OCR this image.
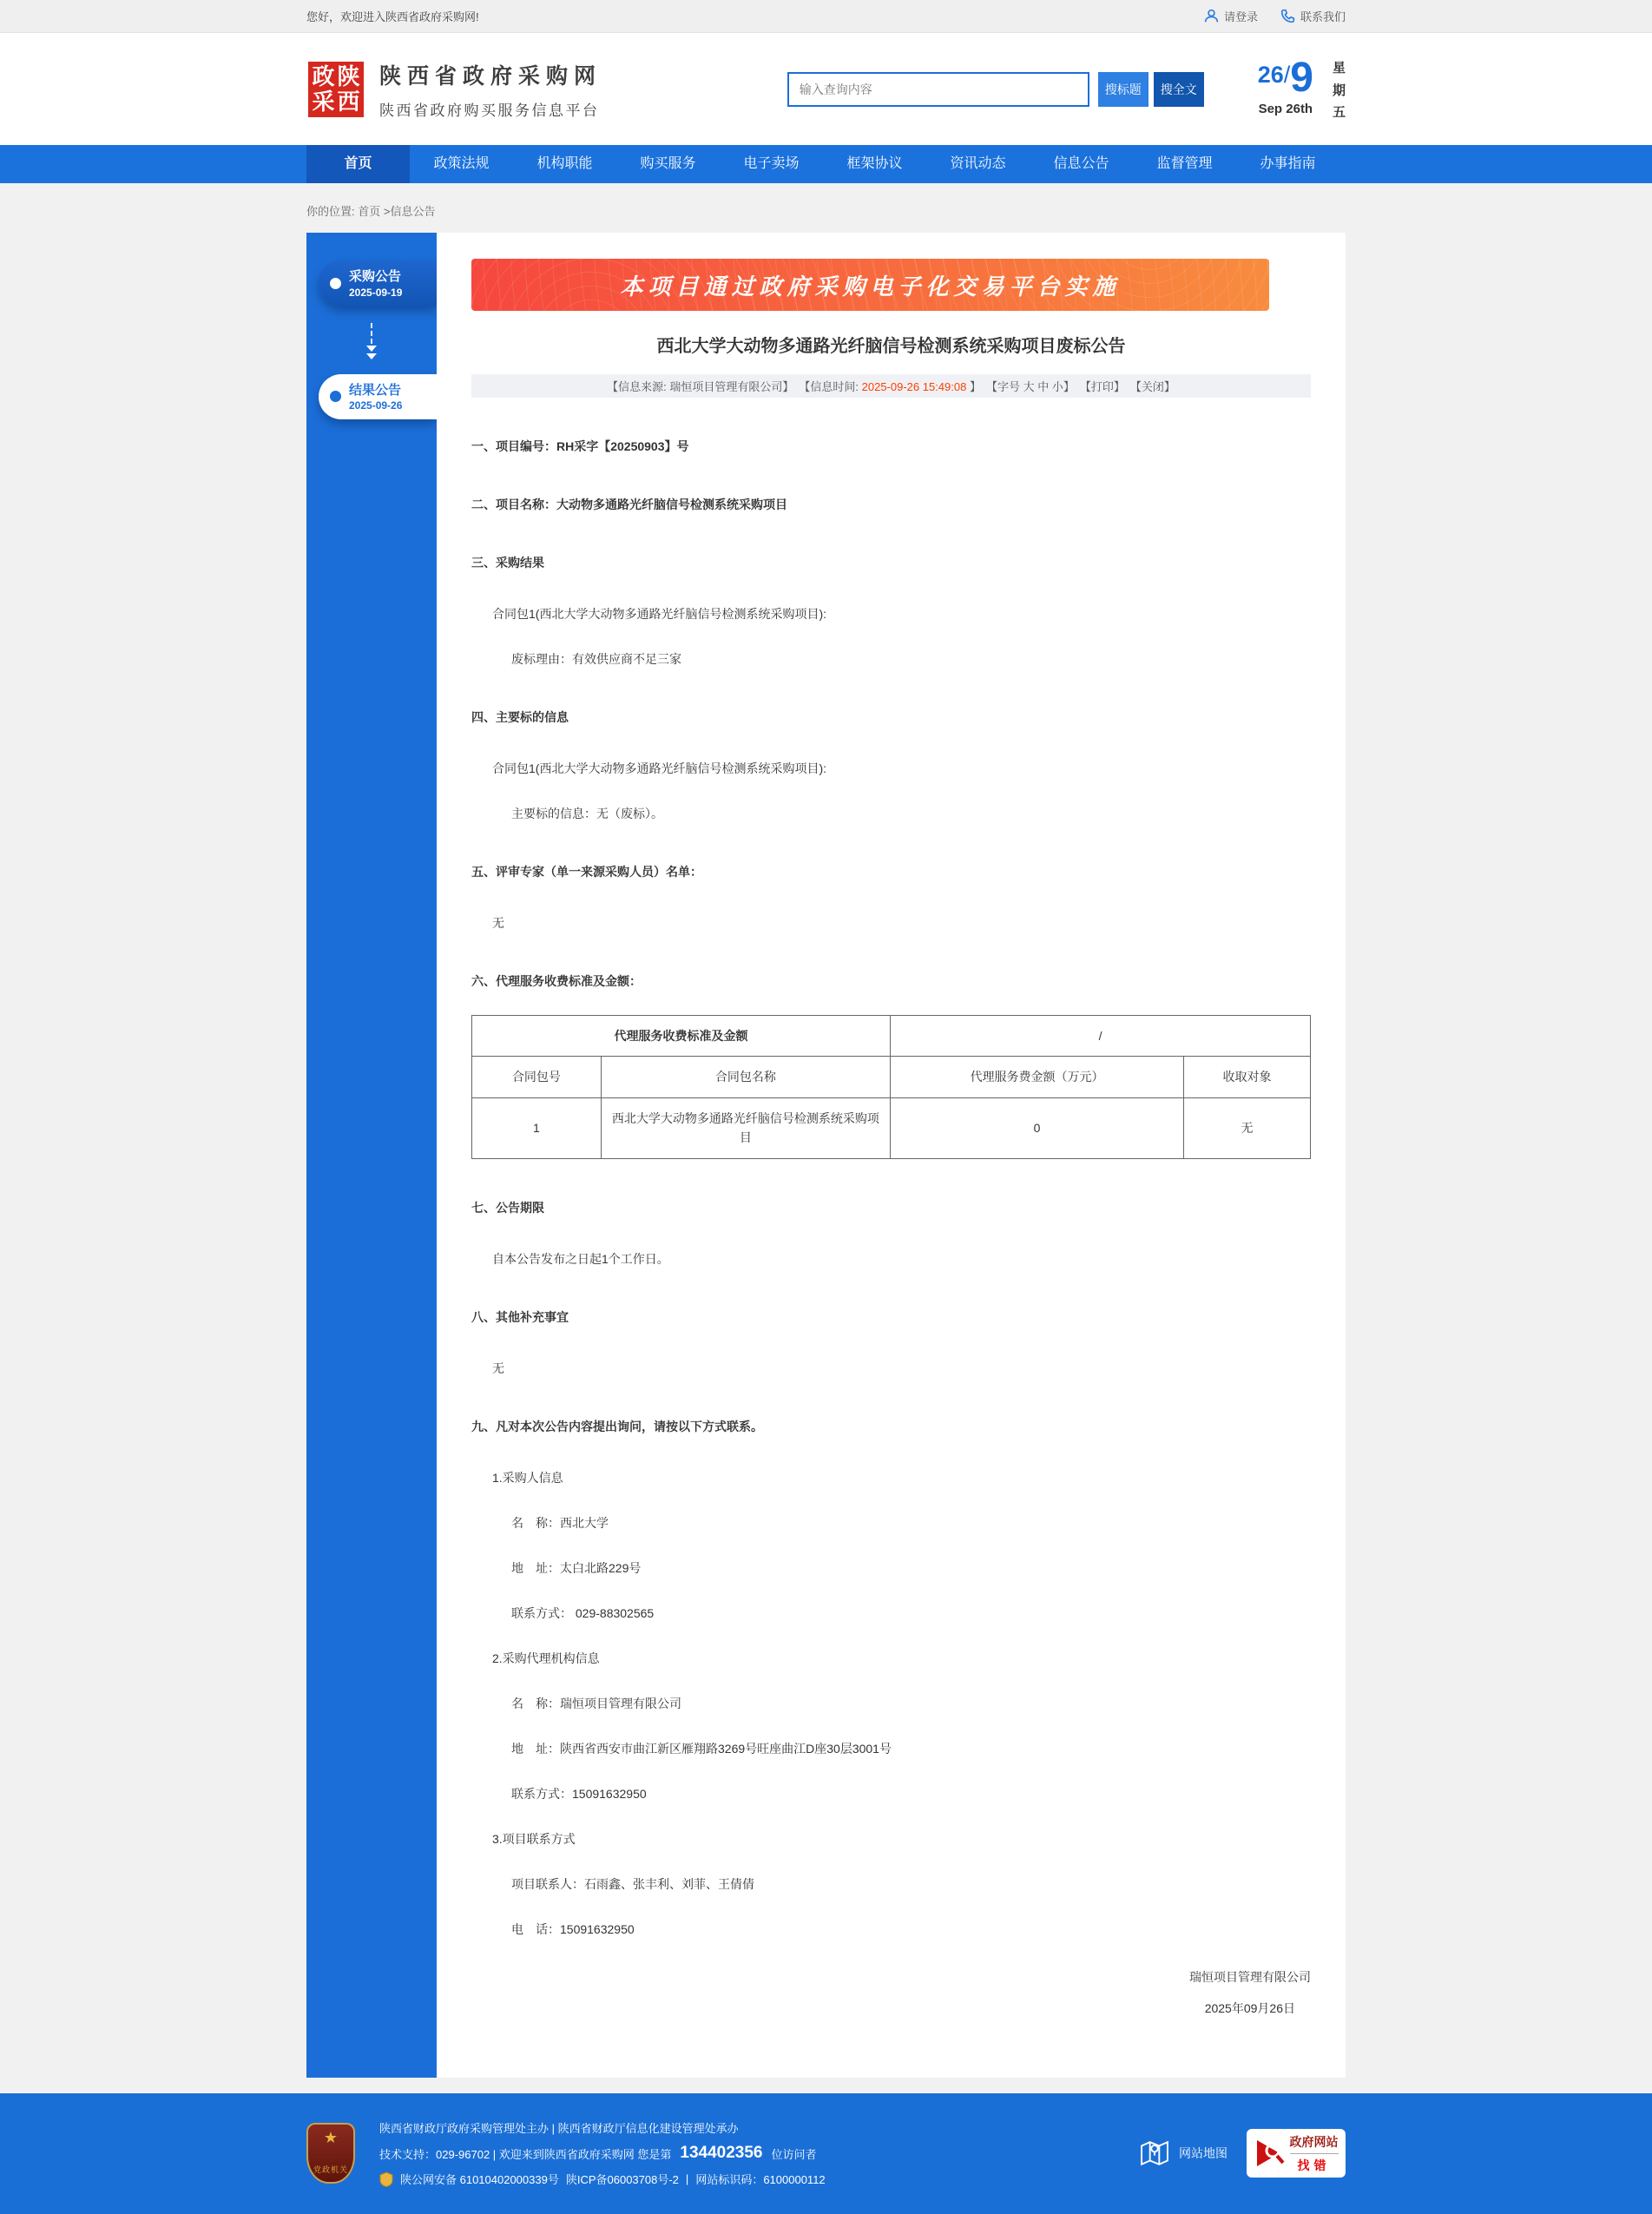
您好，欢迎进入陕西省政府采购网!	请登录	联系我们
政 陕
采 西
陕西省政府采购网
陕西省政府购买服务信息平台
输入查询内容
搜标题	搜全文
26/9
Sep 26th
星
期
五
首页	政策法规	机构职能	购买服务	电子卖场	框架协议	资讯动态	信息公告	监督管理	办事指南
你的位置: 首页 >信息公告
采购公告
2025-09-19
结果公告
2025-09-26
本项目通过政府采购电子化交易平台实施
西北大学大动物多通路光纤脑信号检测系统采购项目废标公告
【信息来源: 瑞恒项目管理有限公司】 【信息时间: 2025-09-26 15:49:08 】 【字号 大 中 小】 【打印】 【关闭】

一、项目编号：RH采字【20250903】号

二、项目名称：大动物多通路光纤脑信号检测系统采购项目

三、采购结果

合同包1(西北大学大动物多通路光纤脑信号检测系统采购项目):

废标理由：有效供应商不足三家

四、主要标的信息

合同包1(西北大学大动物多通路光纤脑信号检测系统采购项目):

主要标的信息：无（废标）。

五、评审专家（单一来源采购人员）名单：

无

六、代理服务收费标准及金额：

代理服务收费标准及金额		/	
合同包号	合同包名称	代理服务费金额（万元）	收取对象
1	西北大学大动物多通路光纤脑信号检测系统采购项目	0	无

七、公告期限

自本公告发布之日起1个工作日。

八、其他补充事宜

无

九、凡对本次公告内容提出询问，请按以下方式联系。

1.采购人信息

名　称：西北大学

地　址：太白北路229号

联系方式： 029-88302565

2.采购代理机构信息

名　称：瑞恒项目管理有限公司

地　址：陕西省西安市曲江新区雁翔路3269号旺座曲江D座30层3001号

联系方式：15091632950

3.项目联系方式

项目联系人：石雨鑫、张丰利、刘菲、王倩倩

电　话：15091632950

瑞恒项目管理有限公司
2025年09月26日
★
党政机关
陕西省财政厅政府采购管理处主办 | 陕西省财政厅信息化建设管理处承办
技术支持：029-96702 | 欢迎来到陕西省政府采购网 您是第 134402356 位访问者
陕公网安备 61010402000339号 陕ICP备06003708号-2 | 网站标识码：6100000112
网站地图
政府网站
找错
